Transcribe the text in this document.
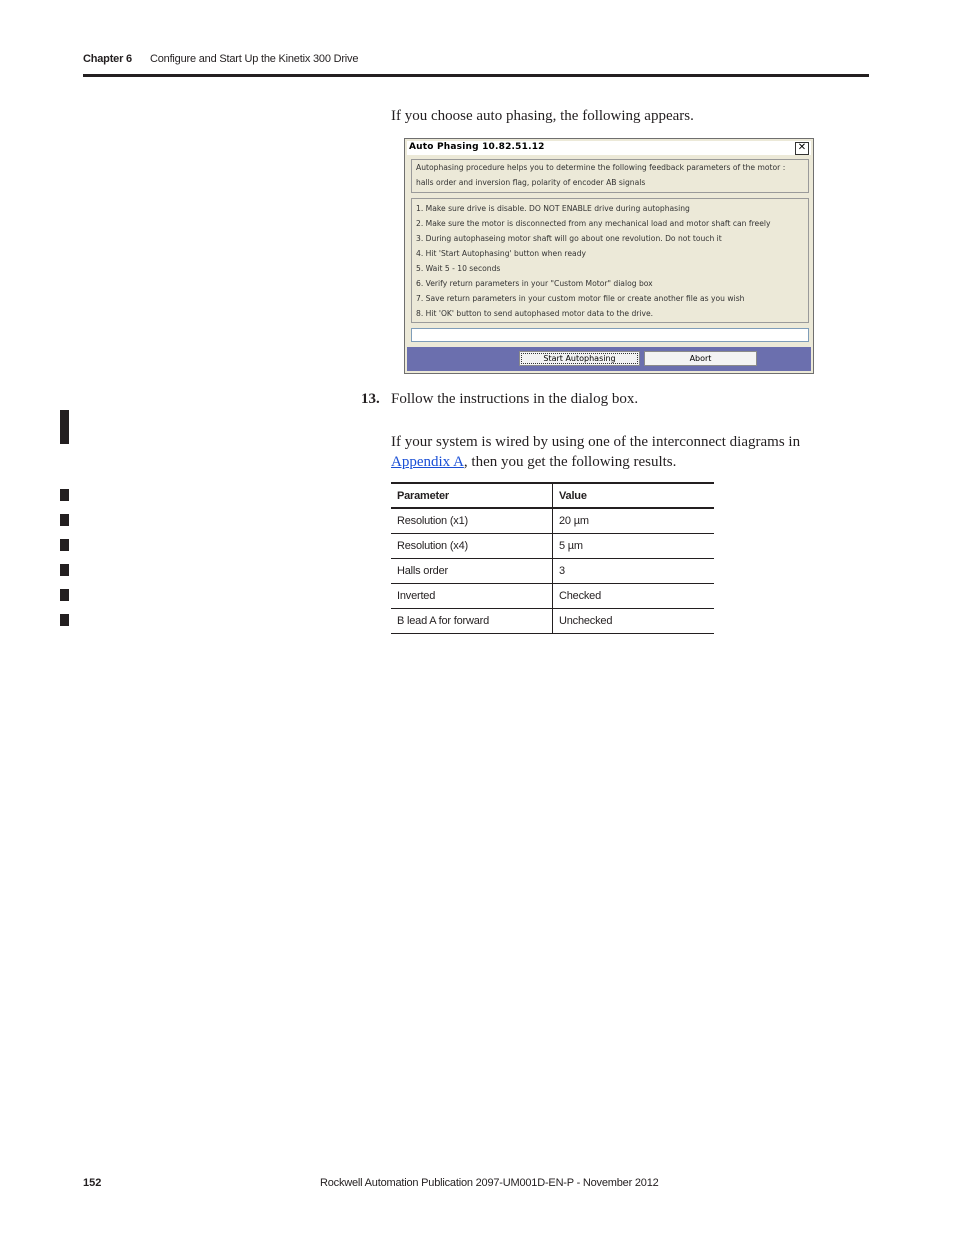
Chapter 6 Configure and Start Up the Kinetix 300 Drive
If you choose auto phasing, the following appears.
Auto Phasing 10.82.51.12	✕
Autophasing procedure helps you to determine the following feedback parameters of the motor :
halls order and inversion flag, polarity of encoder AB signals
1. Make sure drive is disable. DO NOT ENABLE drive during autophasing
2. Make sure the motor is disconnected from any mechanical load and motor shaft can freely
3. During autophaseing motor shaft will go about one revolution. Do not touch it
4. Hit 'Start Autophasing' button when ready
5. Wait 5 - 10 seconds
6. Verify return parameters in your "Custom Motor" dialog box
7. Save return parameters in your custom motor file or create another file as you wish
8. Hit 'OK' button to send autophased motor data to the drive.
Start Autophasing	Abort
13. Follow the instructions in the dialog box.
If your system is wired by using one of the interconnect diagrams in Appendix A, then you get the following results.
Parameter	Value
Resolution (x1)	20 µm
Resolution (x4)	5 µm
Halls order	3
Inverted	Checked
B lead A for forward	Unchecked
152	Rockwell Automation Publication 2097-UM001D-EN-P - November 2012
